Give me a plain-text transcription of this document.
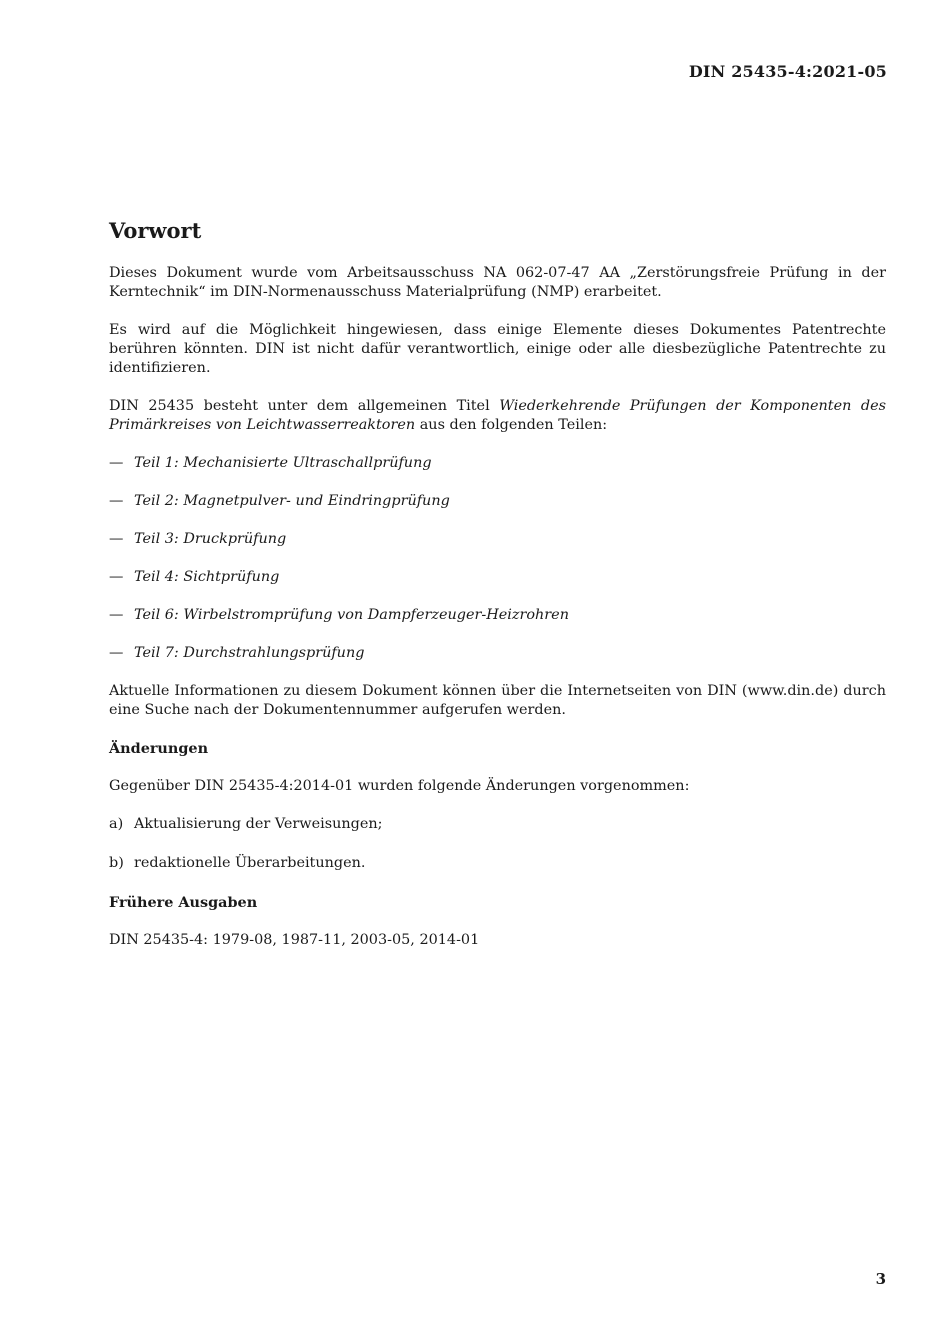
DIN 25435-4:2021-05
Vorwort

Dieses Dokument wurde vom Arbeitsausschuss NA 062-07-47 AA „Zerstörungsfreie Prüfung in der Kerntechnik“ im DIN-Normenausschuss Materialprüfung (NMP) erarbeitet.

Es wird auf die Möglichkeit hingewiesen, dass einige Elemente dieses Dokumentes Patentrechte berühren könnten. DIN ist nicht dafür verantwortlich, einige oder alle diesbezügliche Patentrechte zu identifizieren.

DIN 25435 besteht unter dem allgemeinen Titel Wiederkehrende Prüfungen der Komponenten des Primärkreises von Leichtwasserreaktoren aus den folgenden Teilen:

— Teil 1: Mechanisierte Ultraschallprüfung
— Teil 2: Magnetpulver- und Eindringprüfung
— Teil 3: Druckprüfung
— Teil 4: Sichtprüfung
— Teil 6: Wirbelstromprüfung von Dampferzeuger-Heizrohren
— Teil 7: Durchstrahlungsprüfung

Aktuelle Informationen zu diesem Dokument können über die Internetseiten von DIN (www.din.de) durch eine Suche nach der Dokumentennummer aufgerufen werden.

Änderungen

Gegenüber DIN 25435-4:2014-01 wurden folgende Änderungen vorgenommen:

a) Aktualisierung der Verweisungen;
b) redaktionelle Überarbeitungen.
Frühere Ausgaben

DIN 25435-4: 1979-08, 1987-11, 2003-05, 2014-01

3
